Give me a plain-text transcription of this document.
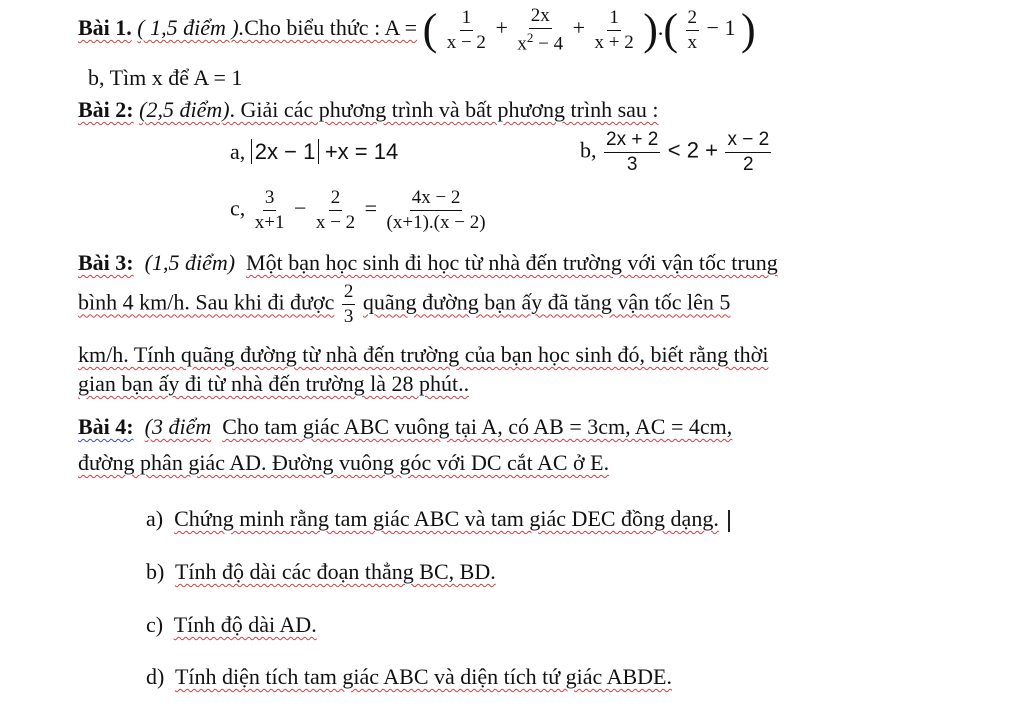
Bài 1. ( 1,5 điểm ).Cho biểu thức : A = ( $\frac{1}{x - 2} + \frac{2x}{x^2 - 4} + \frac{1}{x + 2}$ ).( $\frac{2}{x} - 1$ )
b, Tìm x để A = 1
Bài 2: (2,5 điểm). Giải các phương trình và bất phương trình sau :
a, 2x − 1 +x = 14	b, $\frac{2x + 2}{3} < 2 + \frac{x - 2}{2}$
c, $\frac{3}{x+1} - \frac{2}{x - 2} = \frac{4x - 2}{(x+1).(x - 2)}$
Bài 3: (1,5 điểm) Một bạn học sinh đi học từ nhà đến trường với vận tốc trung
bình 4 km/h. Sau khi đi được $\frac{2}{3}$ quãng đường bạn ấy đã tăng vận tốc lên 5
km/h. Tính quãng đường từ nhà đến trường của bạn học sinh đó, biết rằng thời
gian bạn ấy đi từ nhà đến trường là 28 phút..
Bài 4: (3 điểm Cho tam giác ABC vuông tại A, có AB = 3cm, AC = 4cm,
đường phân giác AD. Đường vuông góc với DC cắt AC ở E.
a) Chứng minh rằng tam giác ABC và tam giác DEC đồng dạng.
b) Tính độ dài các đoạn thẳng BC, BD.
c) Tính độ dài AD.
d) Tính diện tích tam giác ABC và diện tích tứ giác ABDE.
